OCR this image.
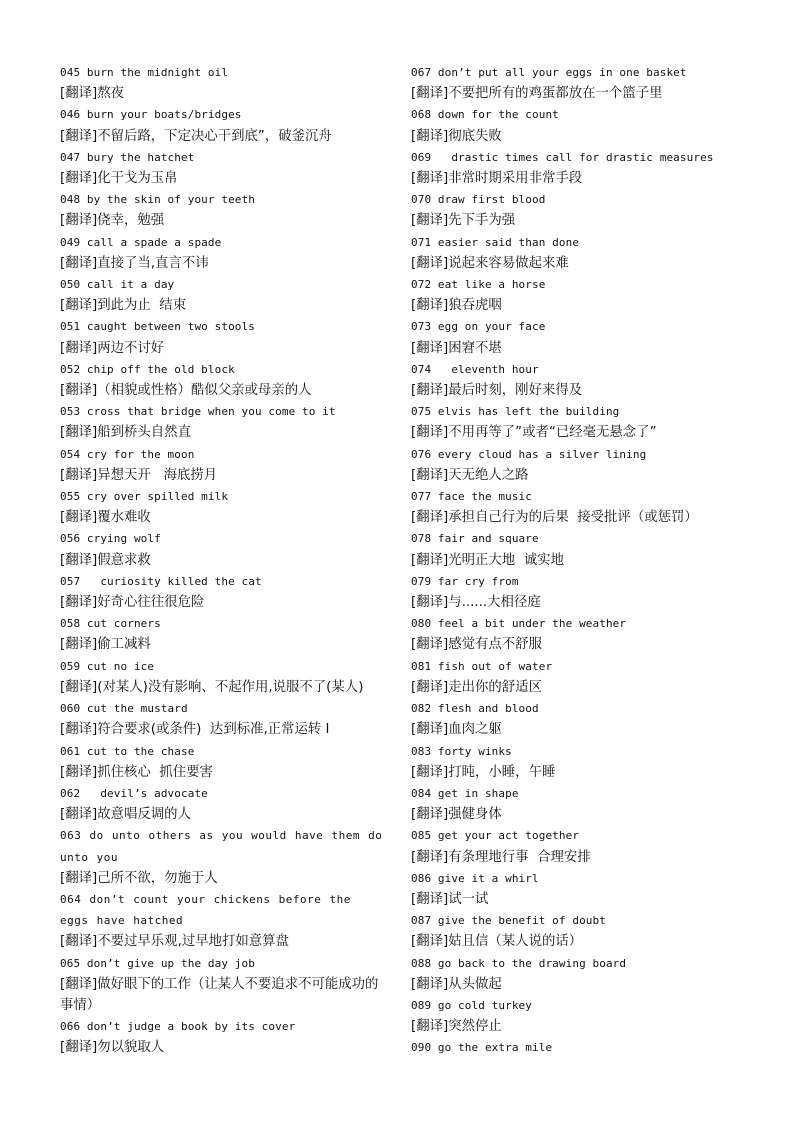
045 burn the midnight oil
[翻译]熬夜
046 burn your boats/bridges
[翻译]不留后路，下定决心干到底”，破釜沉舟
047 bury the hatchet
[翻译]化干戈为玉帛
048 by the skin of your teeth
[翻译]侥幸，勉强
049 call a spade a spade
[翻译]直接了当,直言不讳
050 call it a day
[翻译]到此为止  结束
051 caught between two stools
[翻译]两边不讨好
052 chip off the old block
[翻译]（相貌或性格）酷似父亲或母亲的人
053 cross that bridge when you come to it
[翻译]船到桥头自然直
054 cry for the moon
[翻译]异想天开   海底捞月
055 cry over spilled milk
[翻译]覆水难收
056 crying wolf
[翻译]假意求救
057   curiosity killed the cat
[翻译]好奇心往往很危险
058 cut corners
[翻译]偷工减料
059 cut no ice
[翻译](对某人)没有影响、不起作用,说服不了(某人)
060 cut the mustard
[翻译]符合要求(或条件)  达到标准,正常运转 I
061 cut to the chase
[翻译]抓住核心  抓住要害
062   devil’s advocate
[翻译]故意唱反调的人
063 do unto others as you would have them do unto you
[翻译]己所不欲，勿施于人
064 don’t count your chickens before the eggs have hatched
[翻译]不要过早乐观,过早地打如意算盘
065 don’t give up the day job
[翻译]做好眼下的工作（让某人不要追求不可能成功的事情）
066 don’t judge a book by its cover
[翻译]勿以貌取人
067 don’t put all your eggs in one basket
[翻译]不要把所有的鸡蛋都放在一个篮子里
068 down for the count
[翻译]彻底失败
069   drastic times call for drastic measures
[翻译]非常时期采用非常手段
070 draw first blood
[翻译]先下手为强
071 easier said than done
[翻译]说起来容易做起来难
072 eat like a horse
[翻译]狼吞虎咽
073 egg on your face
[翻译]困窘不堪
074   eleventh hour
[翻译]最后时刻，刚好来得及
075 elvis has left the building
[翻译]不用再等了”或者“已经毫无悬念了”
076 every cloud has a silver lining
[翻译]天无绝人之路
077 face the music
[翻译]承担自己行为的后果  接受批评（或惩罚）
078 fair and square
[翻译]光明正大地  诚实地
079 far cry from
[翻译]与......大相径庭
080 feel a bit under the weather
[翻译]感觉有点不舒服
081 fish out of water
[翻译]走出你的舒适区
082 flesh and blood
[翻译]血肉之躯
083 forty winks
[翻译]打盹，小睡，午睡
084 get in shape
[翻译]强健身体
085 get your act together
[翻译]有条理地行事  合理安排
086 give it a whirl
[翻译]试一试
087 give the benefit of doubt
[翻译]姑且信（某人说的话）
088 go back to the drawing board
[翻译]从头做起
089 go cold turkey
[翻译]突然停止
090 go the extra mile
